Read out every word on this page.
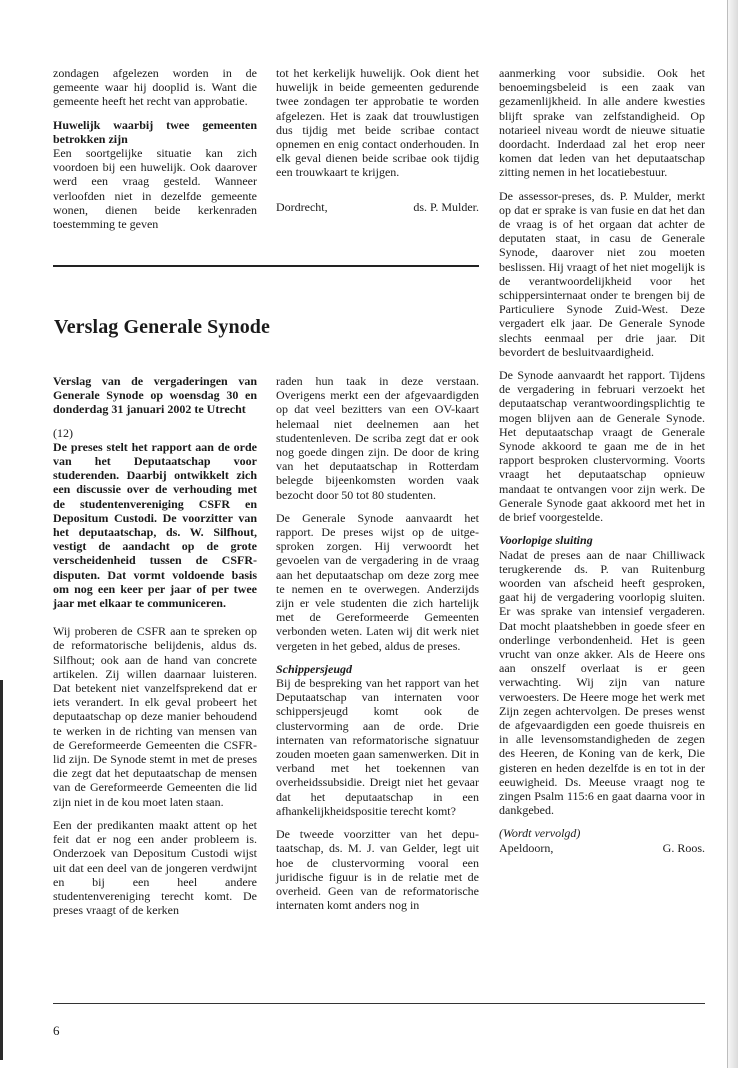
zondagen afgelezen worden in de gemeente waar hij dooplid is. Want die gemeente heeft het recht van approbatie.

Huwelijk waarbij twee gemeenten betrokken zijn

Een soortgelijke situatie kan zich voordoen bij een huwelijk. Ook daarover werd een vraag gesteld. Wanneer verloofden niet in dezelfde gemeente wonen, dienen beide kerkenraden toestemming te geven

tot het kerkelijk huwelijk. Ook dient het huwelijk in beide gemeenten gedurende twee zondagen ter approbatie te worden afgelezen. Het is zaak dat trouwlustigen dus tijdig met beide scribae contact opnemen en enig contact onderhouden. In elk geval dienen beide scribae ook tijdig een trouwkaart te krijgen.

Dordrecht,	ds. P. Mulder.
Verslag Generale Synode

Verslag van de vergaderingen van Generale Synode op woensdag 30 en donderdag 31 januari 2002 te Utrecht

(12)

De preses stelt het rapport aan de orde van het Deputaatschap voor studerenden. Daarbij ontwikkelt zich een discussie over de verhouding met de studentenvereniging CSFR en Depositum Custodi. De voorzitter van het deputaatschap, ds. W. Silfhout, vestigt de aandacht op de grote verscheidenheid tussen de CSFR-disputen. Dat vormt voldoende basis om nog een keer per jaar of per twee jaar met elkaar te communiceren.

Wij proberen de CSFR aan te spreken op de reformatorische belijdenis, aldus ds. Silfhout; ook aan de hand van concrete artikelen. Zij willen daarnaar luisteren. Dat betekent niet vanzelfsprekend dat er iets verandert. In elk geval probeert het deputaatschap op deze manier behoudend te werken in de richting van mensen van de Gereformeerde Gemeenten die CSFR-lid zijn. De Synode stemt in met de preses die zegt dat het deputaatschap de mensen van de Gereformeerde Gemeenten die lid zijn niet in de kou moet laten staan.

Een der predikanten maakt attent op het feit dat er nog een ander probleem is. Onderzoek van Depositum Custodi wijst uit dat een deel van de jongeren verdwijnt en bij een heel andere studentenvereniging terecht komt. De preses vraagt of de kerken

raden hun taak in deze verstaan. Overigens merkt een der afgevaardigden op dat veel bezitters van een OV-kaart helemaal niet deelnemen aan het studentenleven. De scriba zegt dat er ook nog goede dingen zijn. De door de kring van het deputaatschap in Rotterdam belegde bijeenkomsten worden vaak bezocht door 50 tot 80 studenten.

De Generale Synode aanvaardt het rapport. De preses wijst op de uitgesproken zorgen. Hij verwoordt het gevoelen van de vergadering in de vraag aan het deputaatschap om deze zorg mee te nemen en te overwegen. Anderzijds zijn er vele studenten die zich hartelijk met de Gereformeerde Gemeenten verbonden weten. Laten wij dit werk niet vergeten in het gebed, aldus de preses.

Schippersjeugd

Bij de bespreking van het rapport van het Deputaatschap van internaten voor schippersjeugd komt ook de clustervorming aan de orde. Drie internaten van reformatorische signatuur zouden moeten gaan samenwerken. Dit in verband met het toekennen van overheidssubsidie. Dreigt niet het gevaar dat het deputaatschap in een afhankelijkheidspositie terecht komt?

De tweede voorzitter van het deputaatschap, ds. M. J. van Gelder, legt uit hoe de clustervorming vooral een juridische figuur is in de relatie met de overheid. Geen van de reformatorische internaten komt anders nog in

aanmerking voor subsidie. Ook het benoemingsbeleid is een zaak van gezamenlijkheid. In alle andere kwesties blijft sprake van zelfstandigheid. Op notarieel niveau wordt de nieuwe situatie doordacht. Inderdaad zal het erop neer komen dat leden van het deputaatschap zitting nemen in het locatiebestuur.

De assessor-preses, ds. P. Mulder, merkt op dat er sprake is van fusie en dat het dan de vraag is of het orgaan dat achter de deputaten staat, in casu de Generale Synode, daarover niet zou moeten beslissen. Hij vraagt of het niet mogelijk is de verantwoordelijkheid voor het schippersinternaat onder te brengen bij de Particuliere Synode Zuid-West. Deze vergadert elk jaar. De Generale Synode slechts eenmaal per drie jaar. Dit bevordert de besluitvaardigheid.

De Synode aanvaardt het rapport. Tijdens de vergadering in februari verzoekt het deputaatschap verantwoordingsplichtig te mogen blijven aan de Generale Synode. Het deputaatschap vraagt de Generale Synode akkoord te gaan me de in het rapport besproken clustervorming. Voorts vraagt het deputaatschap opnieuw mandaat te ontvangen voor zijn werk. De Generale Synode gaat akkoord met het in de brief voorgestelde.

Voorlopige sluiting

Nadat de preses aan de naar Chilliwack terugkerende ds. P. van Ruitenburg woorden van afscheid heeft gesproken, gaat hij de vergadering voorlopig sluiten. Er was sprake van intensief vergaderen. Dat mocht plaatshebben in goede sfeer en onderlinge verbondenheid. Het is geen vrucht van onze akker. Als de Heere ons aan onszelf overlaat is er geen verwachting. Wij zijn van nature verwoesters. De Heere moge het werk met Zijn zegen achtervolgen. De preses wenst de afgevaardigden een goede thuisreis en in alle levensomstandigheden de zegen des Heeren, de Koning van de kerk, Die gisteren en heden dezelfde is en tot in der eeuwigheid. Ds. Meeuse vraagt nog te zingen Psalm 115:6 en gaat daarna voor in dankgebed.

(Wordt vervolgd)

Apeldoorn,	G. Roos.
6
